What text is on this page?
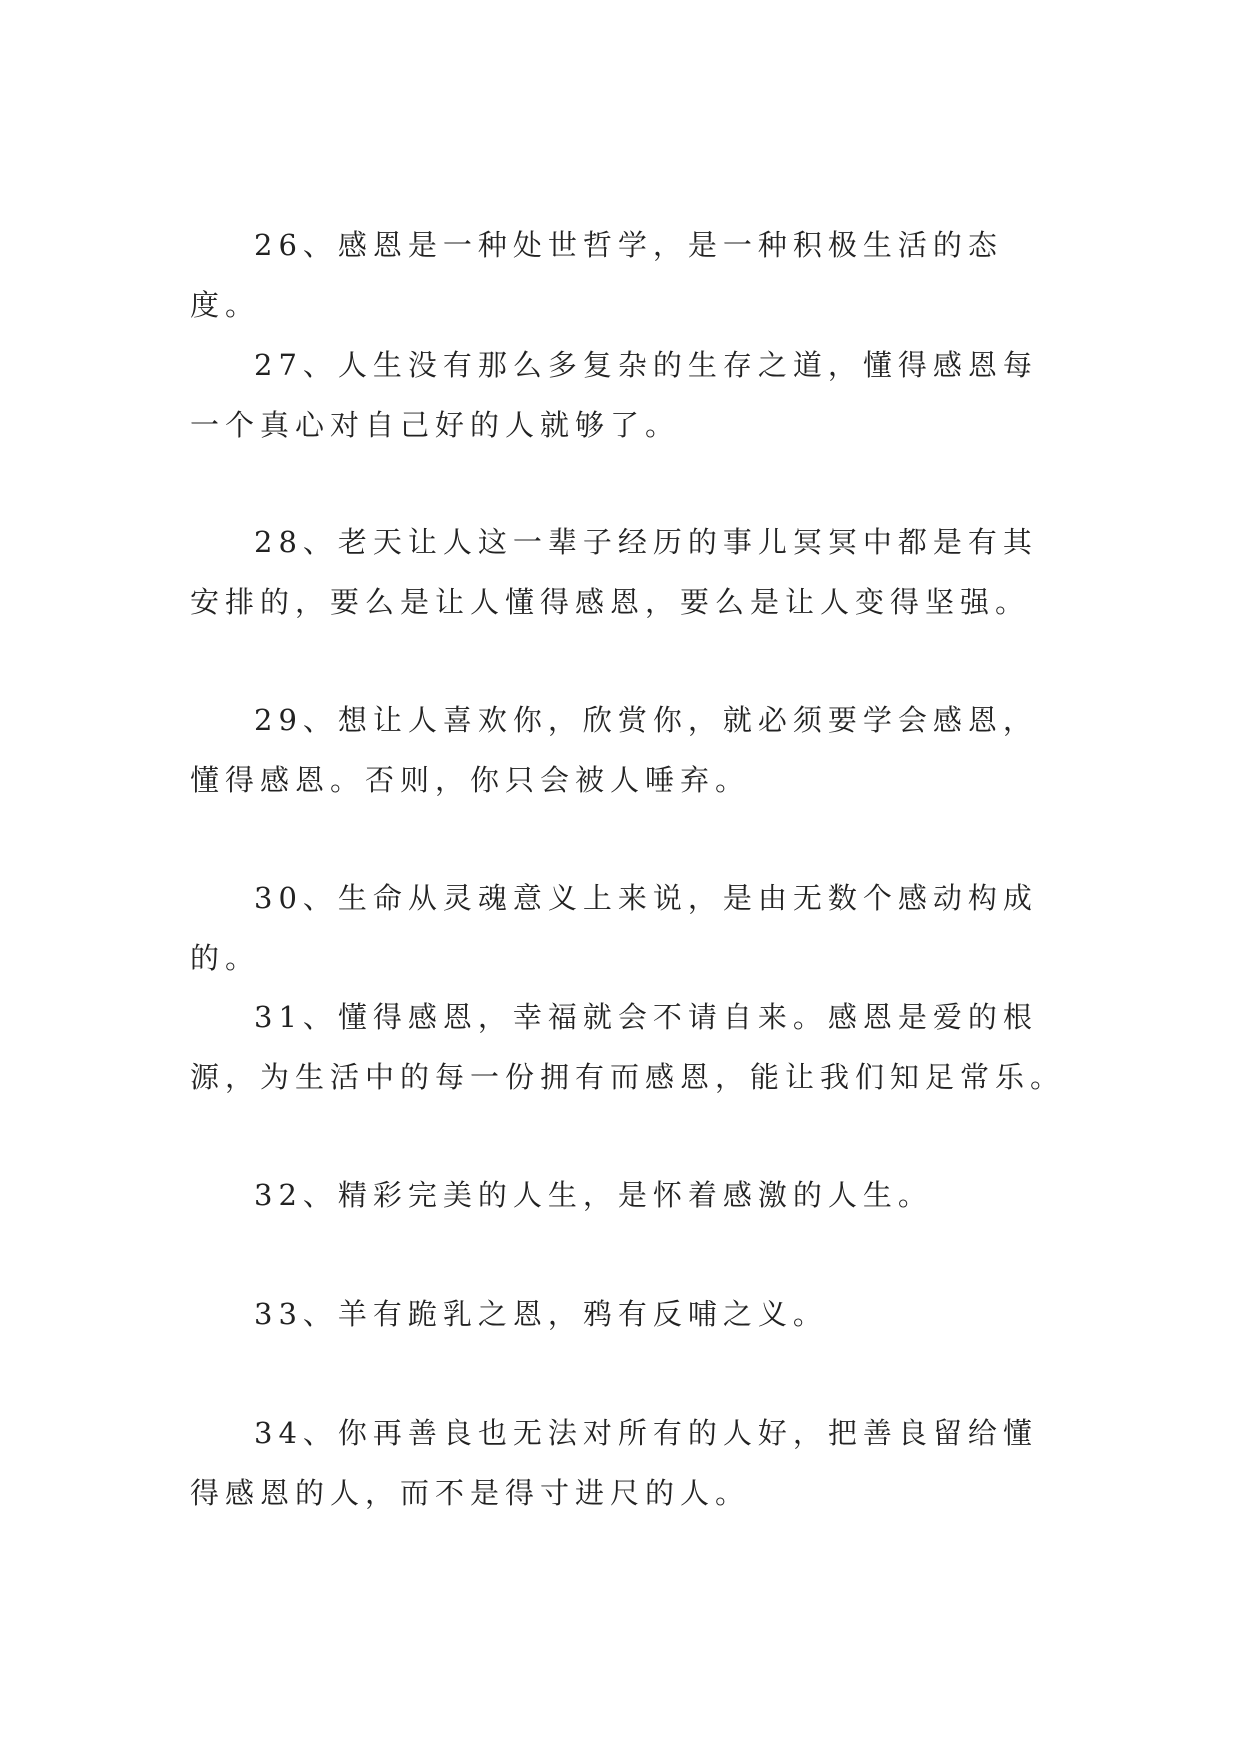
26、感恩是一种处世哲学，是一种积极生活的态度。

27、人生没有那么多复杂的生存之道，懂得感恩每一个真心对自己好的人就够了。

28、老天让人这一辈子经历的事儿冥冥中都是有其安排的，要么是让人懂得感恩，要么是让人变得坚强。

29、想让人喜欢你，欣赏你，就必须要学会感恩，懂得感恩。否则，你只会被人唾弃。

30、生命从灵魂意义上来说，是由无数个感动构成的。

31、懂得感恩，幸福就会不请自来。感恩是爱的根源，为生活中的每一份拥有而感恩，能让我们知足常乐。

32、精彩完美的人生，是怀着感激的人生。

33、羊有跪乳之恩，鸦有反哺之义。

34、你再善良也无法对所有的人好，把善良留给懂得感恩的人，而不是得寸进尺的人。
